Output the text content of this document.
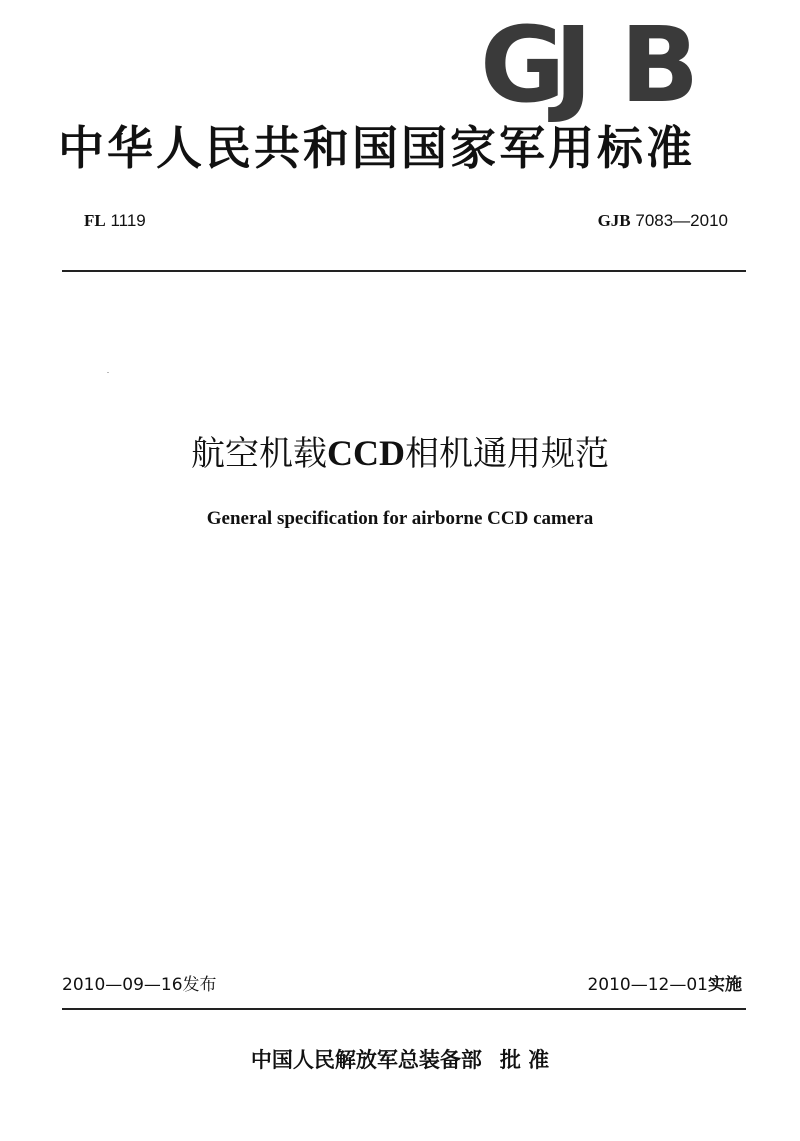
G
J B
中华人民共和国国家军用标准
FL 1119	GJB 7083—2010
航空机载CCD相机通用规范
General specification for airborne CCD camera
2010—09—16发布	2010—12—01实施
中国人民解放军总装备部 批 准
